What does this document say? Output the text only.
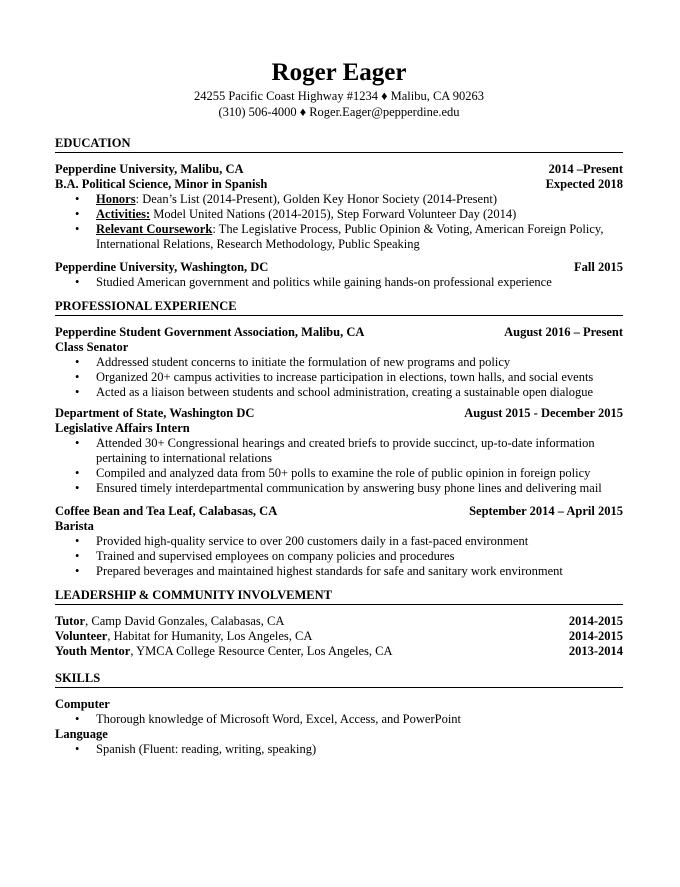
Roger Eager
24255 Pacific Coast Highway #1234 ♦ Malibu, CA 90263
(310) 506-4000 ♦ Roger.Eager@pepperdine.edu
EDUCATION
Pepperdine University, Malibu, CA	2014 –Present
B.A. Political Science, Minor in Spanish	Expected 2018
• Honors: Dean’s List (2014-Present), Golden Key Honor Society (2014-Present)
• Activities: Model United Nations (2014-2015), Step Forward Volunteer Day (2014)
• Relevant Coursework: The Legislative Process, Public Opinion & Voting, American Foreign Policy,
International Relations, Research Methodology, Public Speaking
Pepperdine University, Washington, DC	Fall 2015
• Studied American government and politics while gaining hands-on professional experience
PROFESSIONAL EXPERIENCE
Pepperdine Student Government Association, Malibu, CA	August 2016 – Present
Class Senator
• Addressed student concerns to initiate the formulation of new programs and policy
• Organized 20+ campus activities to increase participation in elections, town halls, and social events
• Acted as a liaison between students and school administration, creating a sustainable open dialogue
Department of State, Washington DC	August 2015 - December 2015
Legislative Affairs Intern
• Attended 30+ Congressional hearings and created briefs to provide succinct, up-to-date information
pertaining to international relations
• Compiled and analyzed data from 50+ polls to examine the role of public opinion in foreign policy
• Ensured timely interdepartmental communication by answering busy phone lines and delivering mail
Coffee Bean and Tea Leaf, Calabasas, CA	September 2014 – April 2015
Barista
• Provided high-quality service to over 200 customers daily in a fast-paced environment
• Trained and supervised employees on company policies and procedures
• Prepared beverages and maintained highest standards for safe and sanitary work environment
LEADERSHIP & COMMUNITY INVOLVEMENT
Tutor, Camp David Gonzales, Calabasas, CA	2014-2015
Volunteer, Habitat for Humanity, Los Angeles, CA	2014-2015
Youth Mentor, YMCA College Resource Center, Los Angeles, CA	2013-2014
SKILLS
Computer
• Thorough knowledge of Microsoft Word, Excel, Access, and PowerPoint
Language
• Spanish (Fluent: reading, writing, speaking)
